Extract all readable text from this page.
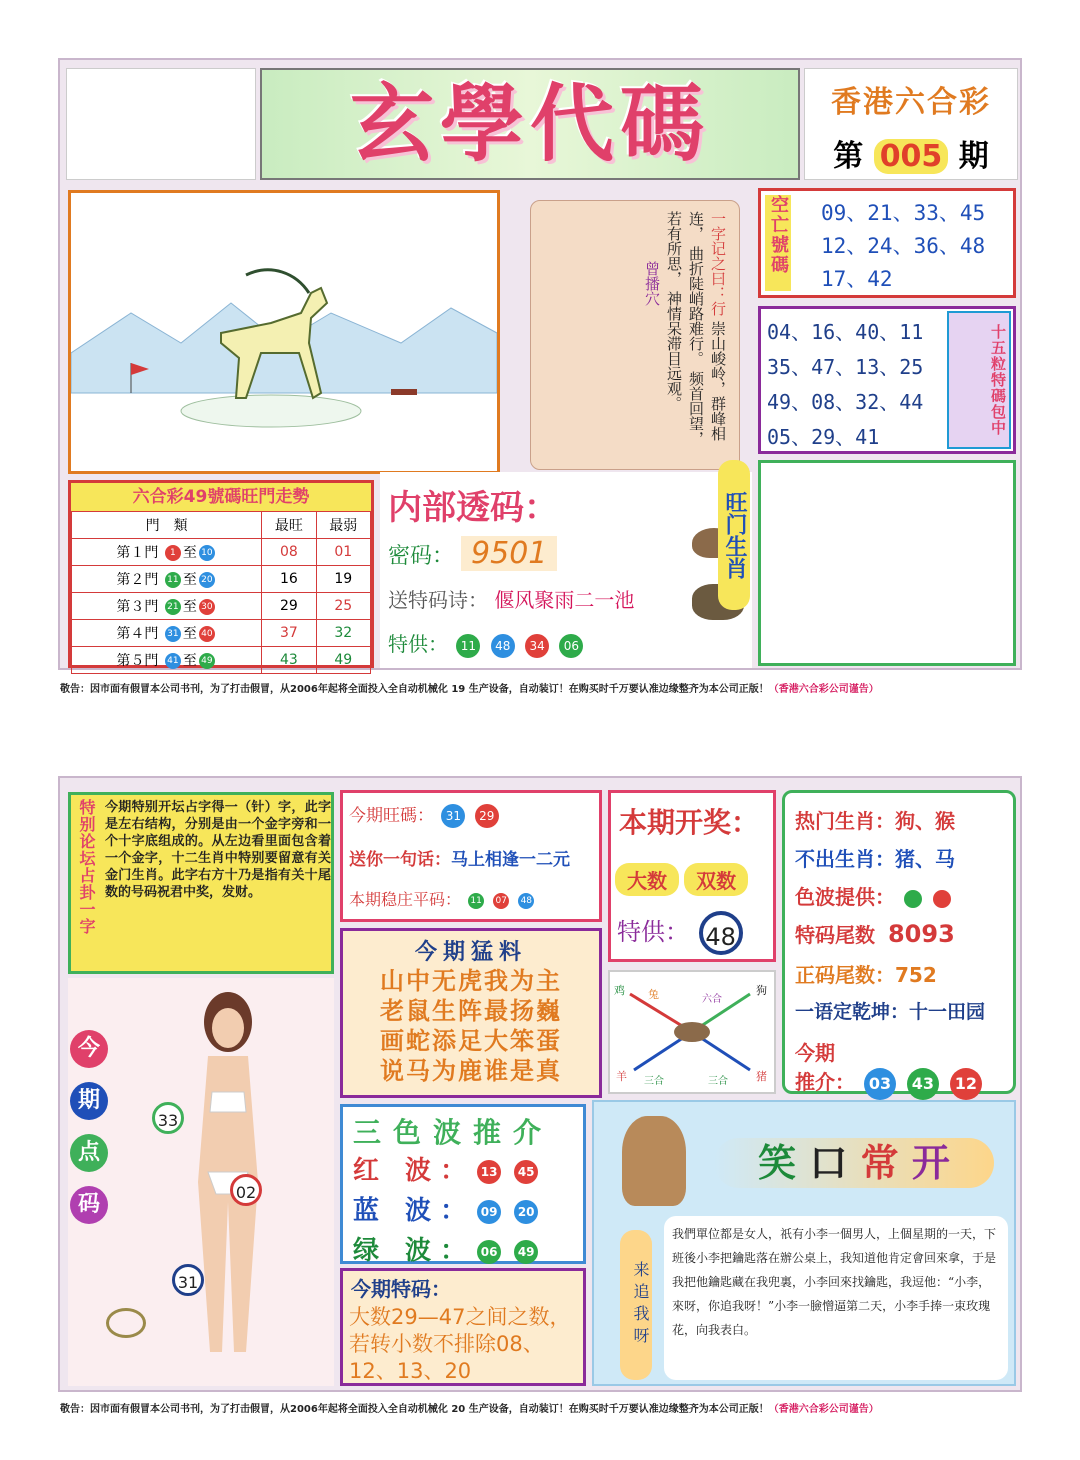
玄學代碼	香港六合彩
第 005 期
一字记之曰：行 崇山峻岭，群峰相连， 曲折陡峭路难行。 频首回望，若有所思， 神情呆滞目远观。 曾播穴
空亡號碼 09、21、33、45
12、24、36、48
17、42
04、16、40、11
35、47、13、25
49、08、32、44
05、29、41
十五粒特碼包中
六合彩49號碼旺門走勢
門　類	最旺	最弱
第１門 1 至 10	08	01
第２門 11 至 20	16	19
第３門 21 至 30	29	25
第４門 31 至 40	37	32
第５門 41 至 49	43	49
内部透码：
密码： 9501
送特码诗： 偃风聚雨二一池
特供： 11 48 34 06
旺门生肖
敬告：因市面有假冒本公司书刊，为了打击假冒，从2006年起将全面投入全自动机械化 19 生产设备，自动装订！在购买时千万要认准边缘整齐为本公司正版！（香港六合彩公司谨告）
特别论坛占卦一字 今期特别开坛占字得一（针）字，此字是左右结构，分别是由一个金字旁和一个十字底组成的。从左边看里面包含着一个金字，十二生肖中特别要留意有关金门生肖。此字右方十乃是指有关十尾数的号码祝君中奖，发财。
今期旺碼： 31 29
送你一句话：马上相逢一二元
本期稳庄平码： 11 07 48
本期开奖：
大数 双数
特供： 48
热门生肖：狗、猴
不出生肖：猪、马
色波提供：
特码尾数 8093
正码尾数：752
一语定乾坤：十一田园
今期
推介： 03 43 12
今期猛料
山中无虎我为主
老鼠生阵最扬巍
画蛇添足大笨蛋
说马为鹿谁是真
鸡 兔	六合
狗
羊 三合	三合	猪
今
期
点
码
33
02
31
三色波推介
红　波 ： 13 45
蓝　波 ： 09 20
绿　波 ： 06 49
今期特码：
大数29—47之间之数，若转小数不排除08、12、13、20
笑 口 常 开
来追我呀
我們單位都是女人，祇有小李一個男人，上個星期的一天，下班後小李把鑰匙落在辦公桌上，我知道他肯定會回來拿，于是我把他鑰匙藏在我兜裏，小李回來找鑰匙，我逗他：“小李，來呀，你追我呀！”小李一臉憎逼第二天，小李手捧一束玫瑰花，向我表白。
敬告：因市面有假冒本公司书刊，为了打击假冒，从2006年起将全面投入全自动机械化 20 生产设备，自动装订！在购买时千万要认准边缘整齐为本公司正版！（香港六合彩公司谨告）
